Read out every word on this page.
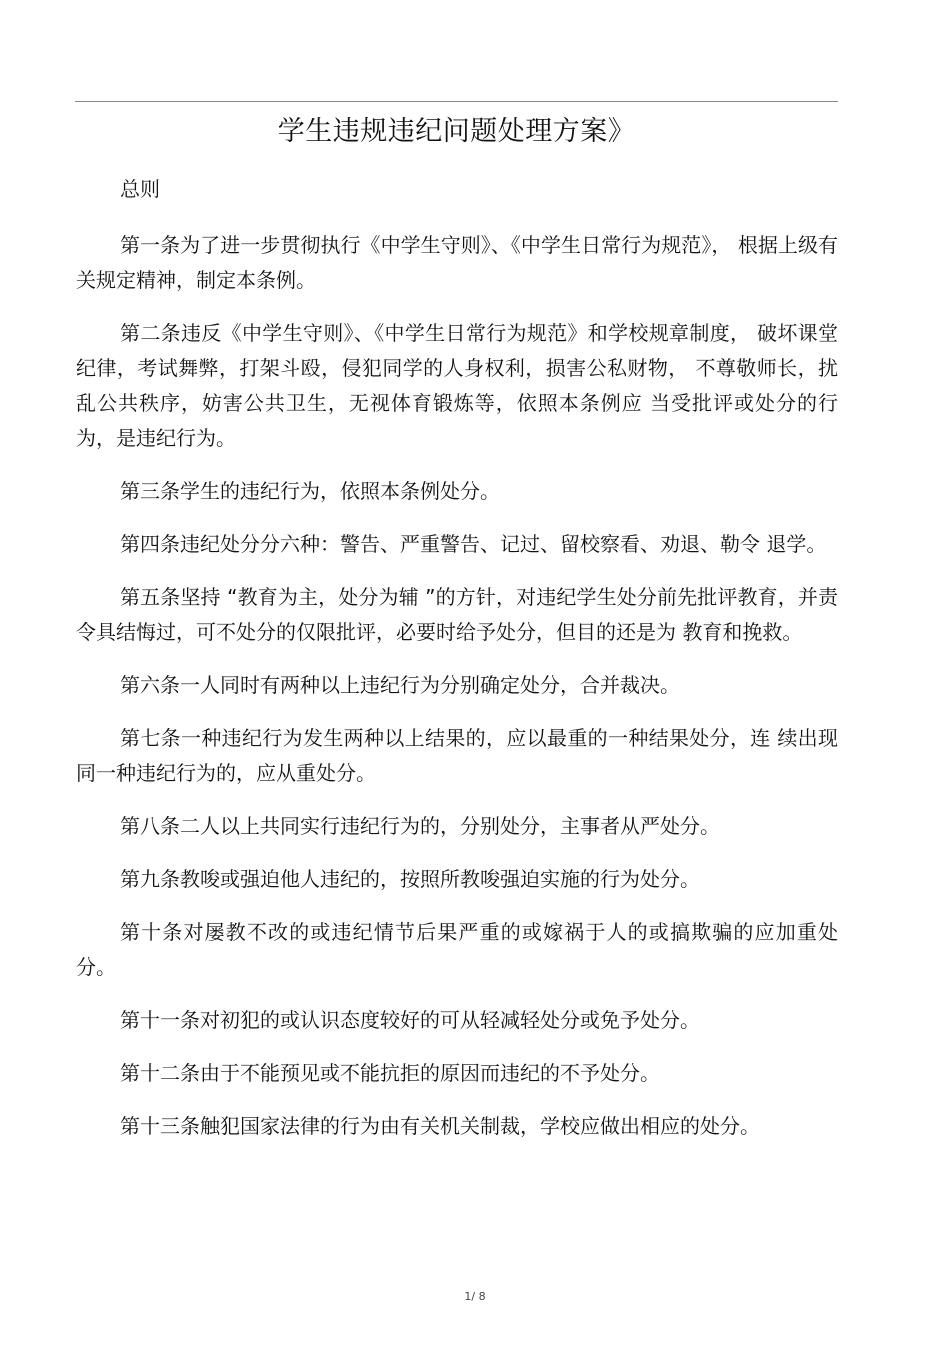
学生违规违纪问题处理方案》

总则

第一条为了进一步贯彻执行《中学生守则》、《中学生日常行为规范》， 根据上级有关规定精神，制定本条例。

第二条违反《中学生守则》、《中学生日常行为规范》和学校规章制度， 破坏课堂纪律，考试舞弊，打架斗殴，侵犯同学的人身权利，损害公私财物， 不尊敬师长，扰乱公共秩序，妨害公共卫生，无视体育锻炼等，依照本条例应 当受批评或处分的行为，是违纪行为。

第三条学生的违纪行为，依照本条例处分。

第四条违纪处分分六种：警告、严重警告、记过、留校察看、劝退、勒令 退学。

第五条坚持 “教育为主，处分为辅 ”的方针，对违纪学生处分前先批评教育，并责令具结悔过，可不处分的仅限批评，必要时给予处分，但目的还是为 教育和挽救。

第六条一人同时有两种以上违纪行为分别确定处分，合并裁决。

第七条一种违纪行为发生两种以上结果的，应以最重的一种结果处分，连 续出现同一种违纪行为的，应从重处分。

第八条二人以上共同实行违纪行为的，分别处分，主事者从严处分。

第九条教唆或强迫他人违纪的，按照所教唆强迫实施的行为处分。

第十条对屡教不改的或违纪情节后果严重的或嫁祸于人的或搞欺骗的应加重处分。

第十一条对初犯的或认识态度较好的可从轻减轻处分或免予处分。

第十二条由于不能预见或不能抗拒的原因而违纪的不予处分。

第十三条触犯国家法律的行为由有关机关制裁，学校应做出相应的处分。

1/ 8
